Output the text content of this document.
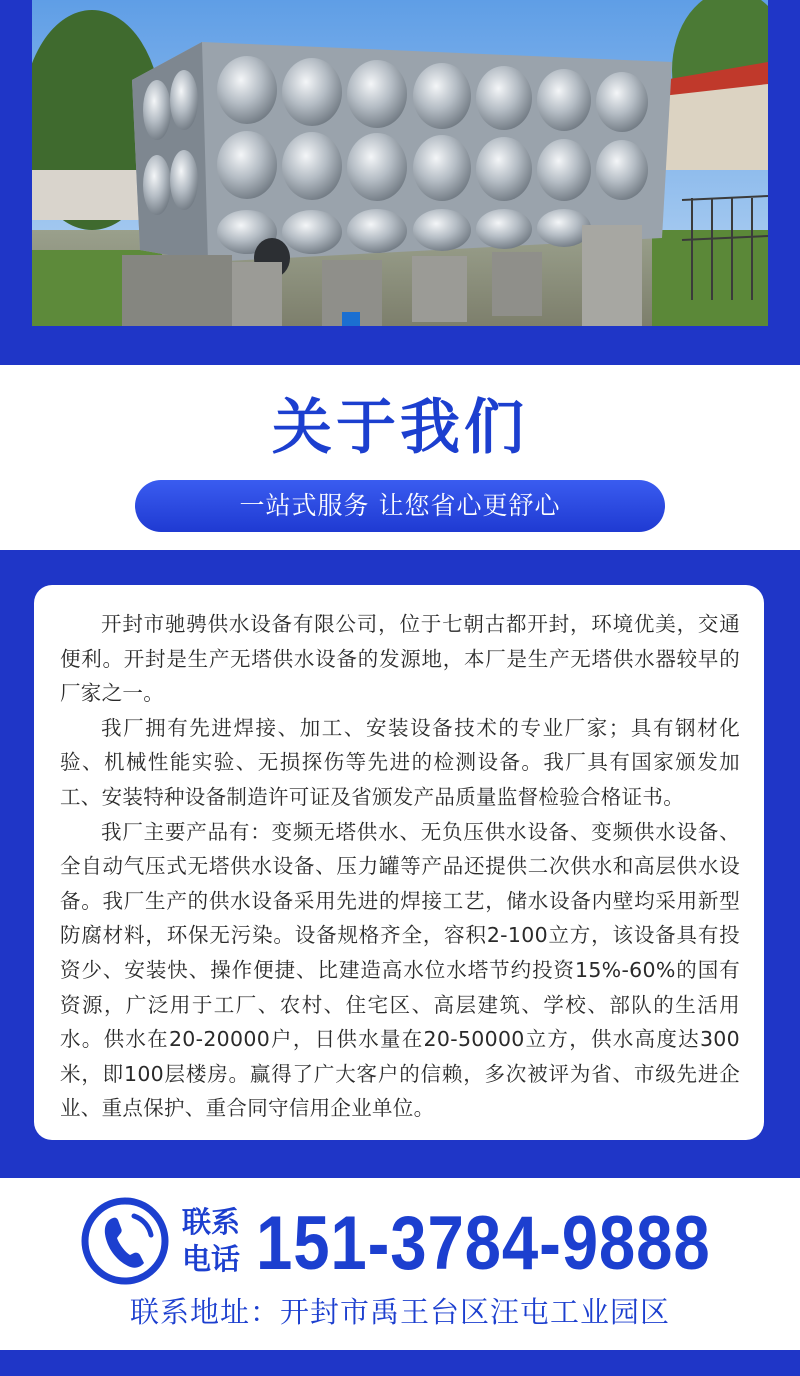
关于我们
一站式服务 让您省心更舒心

开封市驰骋供水设备有限公司，位于七朝古都开封，环境优美，交通便利。开封是生产无塔供水设备的发源地，本厂是生产无塔供水器较早的厂家之一。

我厂拥有先进焊接、加工、安装设备技术的专业厂家；具有钢材化验、机械性能实验、无损探伤等先进的检测设备。我厂具有国家颁发加工、安装特种设备制造许可证及省颁发产品质量监督检验合格证书。

我厂主要产品有：变频无塔供水、无负压供水设备、变频供水设备、全自动气压式无塔供水设备、压力罐等产品还提供二次供水和高层供水设备。我厂生产的供水设备采用先进的焊接工艺，储水设备内壁均采用新型防腐材料，环保无污染。设备规格齐全，容积2-100立方，该设备具有投资少、安装快、操作便捷、比建造高水位水塔节约投资15%-60%的国有资源，广泛用于工厂、农村、住宅区、高层建筑、学校、部队的生活用水。供水在20-20000户，日供水量在20-50000立方，供水高度达300米，即100层楼房。赢得了广大客户的信赖，多次被评为省、市级先进企业、重点保护、重合同守信用企业单位。

联系
电话 151-3784-9888
联系地址：开封市禹王台区汪屯工业园区
